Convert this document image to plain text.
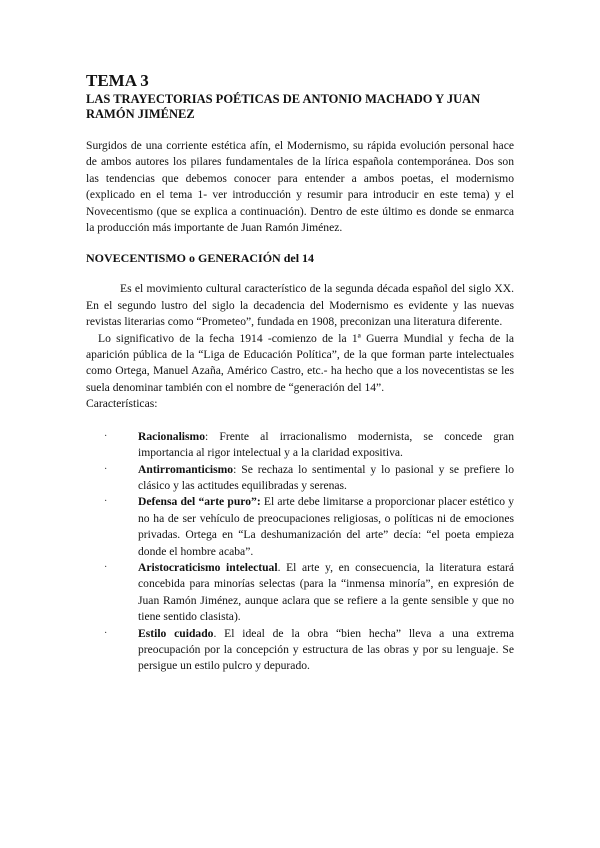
TEMA 3
LAS TRAYECTORIAS POÉTICAS DE ANTONIO MACHADO Y JUAN RAMÓN JIMÉNEZ

Surgidos de una corriente estética afín, el Modernismo, su rápida evolución personal hace de ambos autores los pilares fundamentales de la lírica española contemporánea. Dos son las tendencias que debemos conocer para entender a ambos poetas, el modernismo (explicado en el tema 1- ver introducción y resumir para introducir en este tema) y el Novecentismo (que se explica a continuación). Dentro de este último es donde se enmarca la producción más importante de Juan Ramón Jiménez.

NOVECENTISMO o GENERACIÓN del 14

Es el movimiento cultural característico de la segunda década español del siglo XX. En el segundo lustro del siglo la decadencia del Modernismo es evidente y las nuevas revistas literarias como “Prometeo”, fundada en 1908, preconizan una literatura diferente.

Lo significativo de la fecha 1914 -comienzo de la 1ª Guerra Mundial y fecha de la aparición pública de la “Liga de Educación Política”, de la que forman parte intelectuales como Ortega, Manuel Azaña, Américo Castro, etc.- ha hecho que a los novecentistas se les suela denominar también con el nombre de “generación del 14”.

Características:

·	Racionalismo: Frente al irracionalismo modernista, se concede gran importancia al rigor intelectual y a la claridad expositiva.
·	Antirromanticismo: Se rechaza lo sentimental y lo pasional y se prefiere lo clásico y las actitudes equilibradas y serenas.
·	Defensa del “arte puro”: El arte debe limitarse a proporcionar placer estético y no ha de ser vehículo de preocupaciones religiosas, o políticas ni de emociones privadas. Ortega en “La deshumanización del arte” decía: “el poeta empieza donde el hombre acaba”.
·	Aristocraticismo intelectual. El arte y, en consecuencia, la literatura estará concebida para minorías selectas (para la “inmensa minoría”, en expresión de Juan Ramón Jiménez, aunque aclara que se refiere a la gente sensible y que no tiene sentido clasista).
·	Estilo cuidado. El ideal de la obra “bien hecha” lleva a una extrema preocupación por la concepción y estructura de las obras y por su lenguaje. Se persigue un estilo pulcro y depurado.
